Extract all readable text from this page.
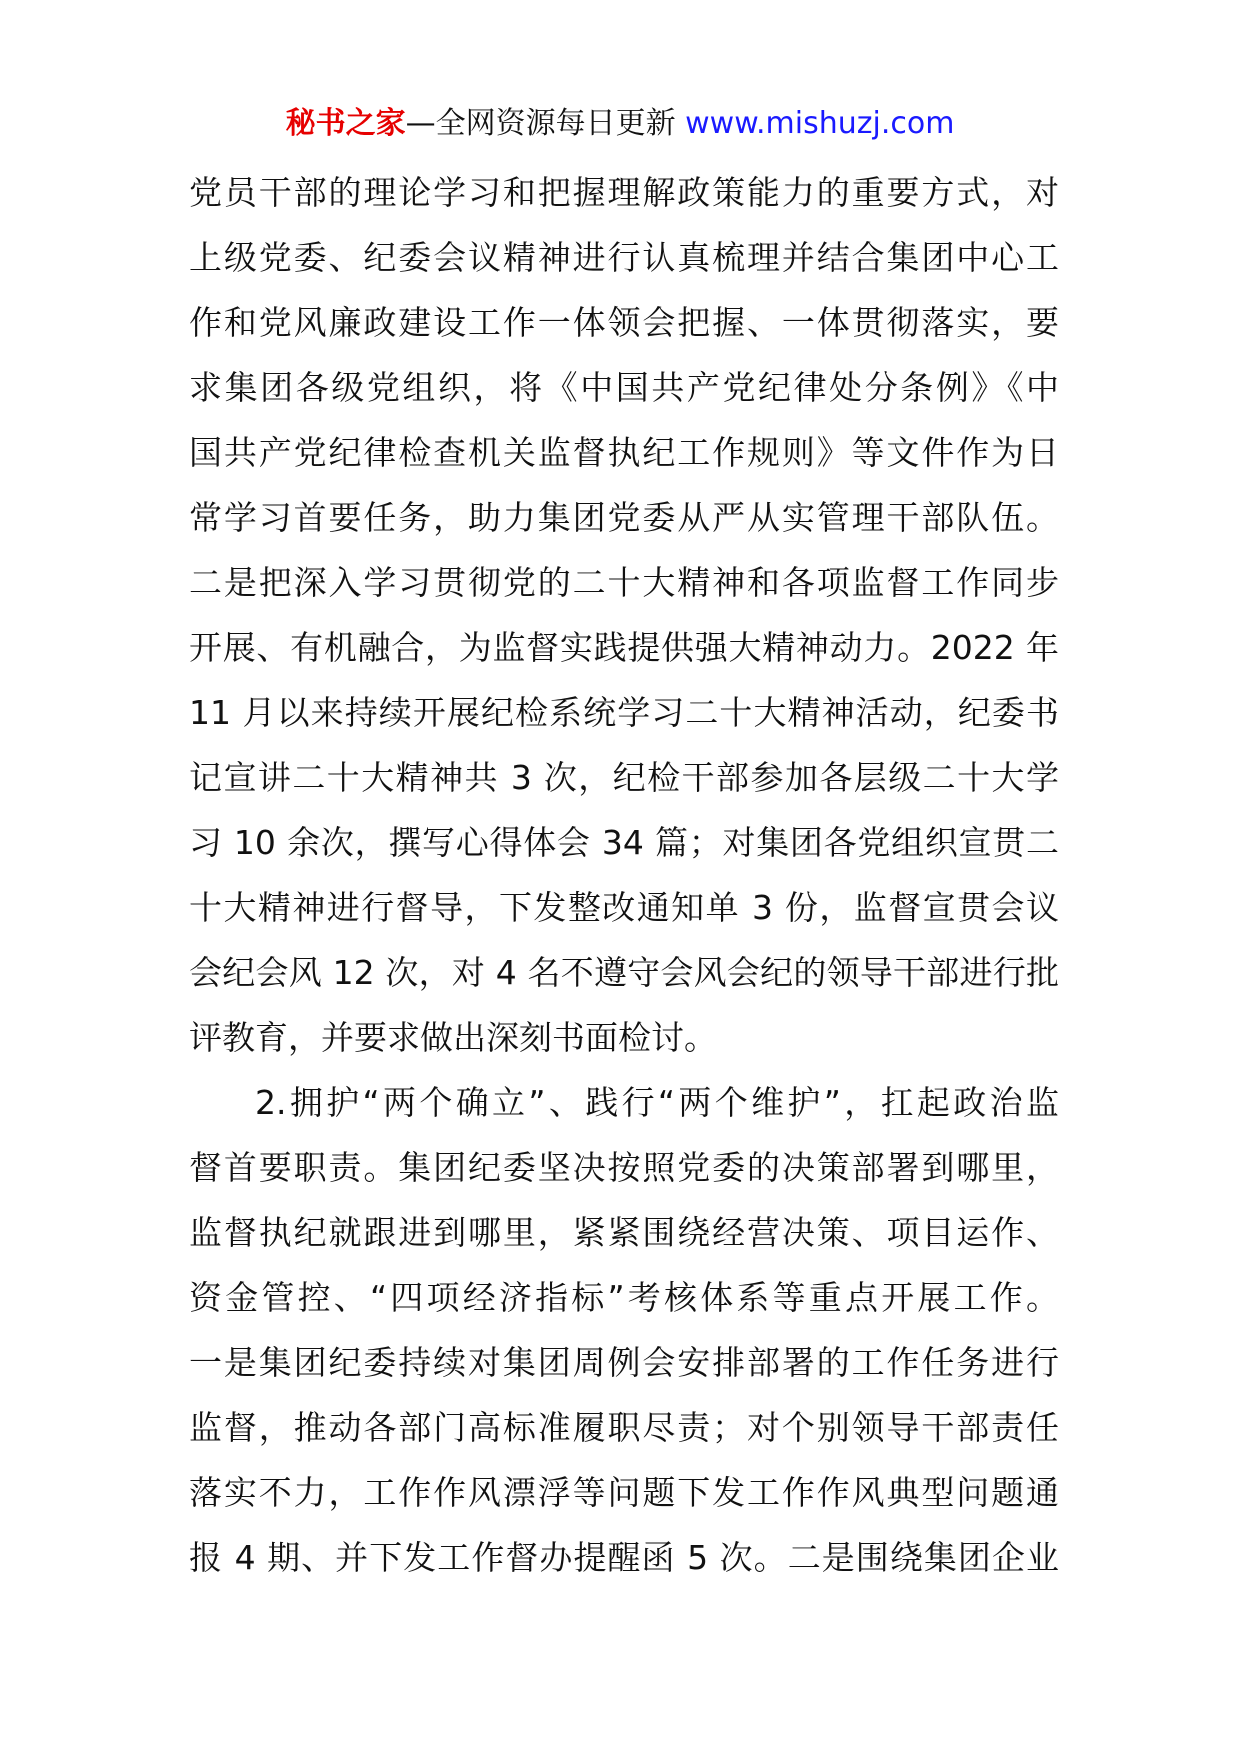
秘书之家—全网资源每日更新 www.mishuzj.com
党员干部的理论学习和把握理解政策能力的重要方式，对
上级党委、纪委会议精神进行认真梳理并结合集团中心工
作和党风廉政建设工作一体领会把握、一体贯彻落实，要
求集团各级党组织，将《中国共产党纪律处分条例》《中
国共产党纪律检查机关监督执纪工作规则》等文件作为日
常学习首要任务，助力集团党委从严从实管理干部队伍。
二是把深入学习贯彻党的二十大精神和各项监督工作同步
开展、有机融合，为监督实践提供强大精神动力。2022 年
11 月以来持续开展纪检系统学习二十大精神活动，纪委书
记宣讲二十大精神共 3 次，纪检干部参加各层级二十大学
习 10 余次，撰写心得体会 34 篇；对集团各党组织宣贯二
十大精神进行督导，下发整改通知单 3 份，监督宣贯会议
会纪会风 12 次，对 4 名不遵守会风会纪的领导干部进行批
评教育，并要求做出深刻书面检讨。
2.拥护“两个确立”、践行“两个维护”，扛起政治监
督首要职责。集团纪委坚决按照党委的决策部署到哪里，
监督执纪就跟进到哪里，紧紧围绕经营决策、项目运作、
资金管控、“四项经济指标”考核体系等重点开展工作。
一是集团纪委持续对集团周例会安排部署的工作任务进行
监督，推动各部门高标准履职尽责；对个别领导干部责任
落实不力，工作作风漂浮等问题下发工作作风典型问题通
报 4 期、并下发工作督办提醒函 5 次。二是围绕集团企业
